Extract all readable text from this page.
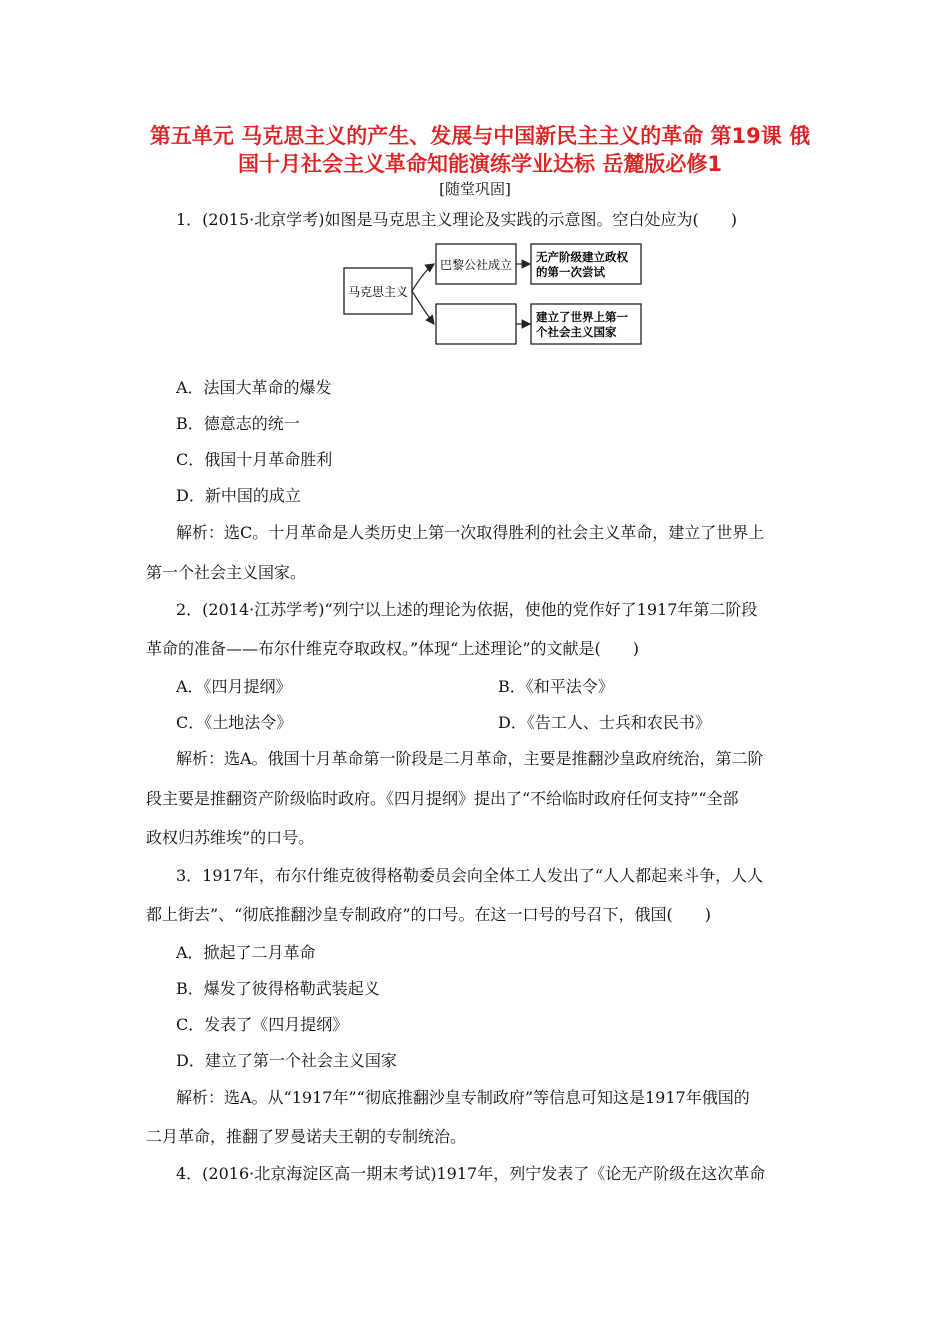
第五单元 马克思主义的产生、发展与中国新民主主义的革命 第19课 俄国十月社会主义革命知能演练学业达标 岳麓版必修1
[随堂巩固]
1．(2015·北京学考)如图是马克思主义理论及实践的示意图。空白处应为(　　)
马克思主义
巴黎公社成立
无产阶级建立政权
的第一次尝试
建立了世界上第一
个社会主义国家
A．法国大革命的爆发
B．德意志的统一
C．俄国十月革命胜利
D．新中国的成立
解析：选C。十月革命是人类历史上第一次取得胜利的社会主义革命，建立了世界上
第一个社会主义国家。
2．(2014·江苏学考)“列宁以上述的理论为依据，使他的党作好了1917年第二阶段
革命的准备——布尔什维克夺取政权。”体现“上述理论”的文献是(　　)
A．《四月提纲》	B．《和平法令》
C．《土地法令》	D．《告工人、士兵和农民书》
解析：选A。俄国十月革命第一阶段是二月革命，主要是推翻沙皇政府统治，第二阶
段主要是推翻资产阶级临时政府。《四月提纲》提出了“不给临时政府任何支持”“全部
政权归苏维埃”的口号。
3．1917年，布尔什维克彼得格勒委员会向全体工人发出了“人人都起来斗争，人人
都上街去”、“彻底推翻沙皇专制政府”的口号。在这一口号的号召下，俄国(　　)
A．掀起了二月革命
B．爆发了彼得格勒武装起义
C．发表了《四月提纲》
D．建立了第一个社会主义国家
解析：选A。从“1917年”“彻底推翻沙皇专制政府”等信息可知这是1917年俄国的
二月革命，推翻了罗曼诺夫王朝的专制统治。
4．(2016·北京海淀区高一期末考试)1917年，列宁发表了《论无产阶级在这次革命
